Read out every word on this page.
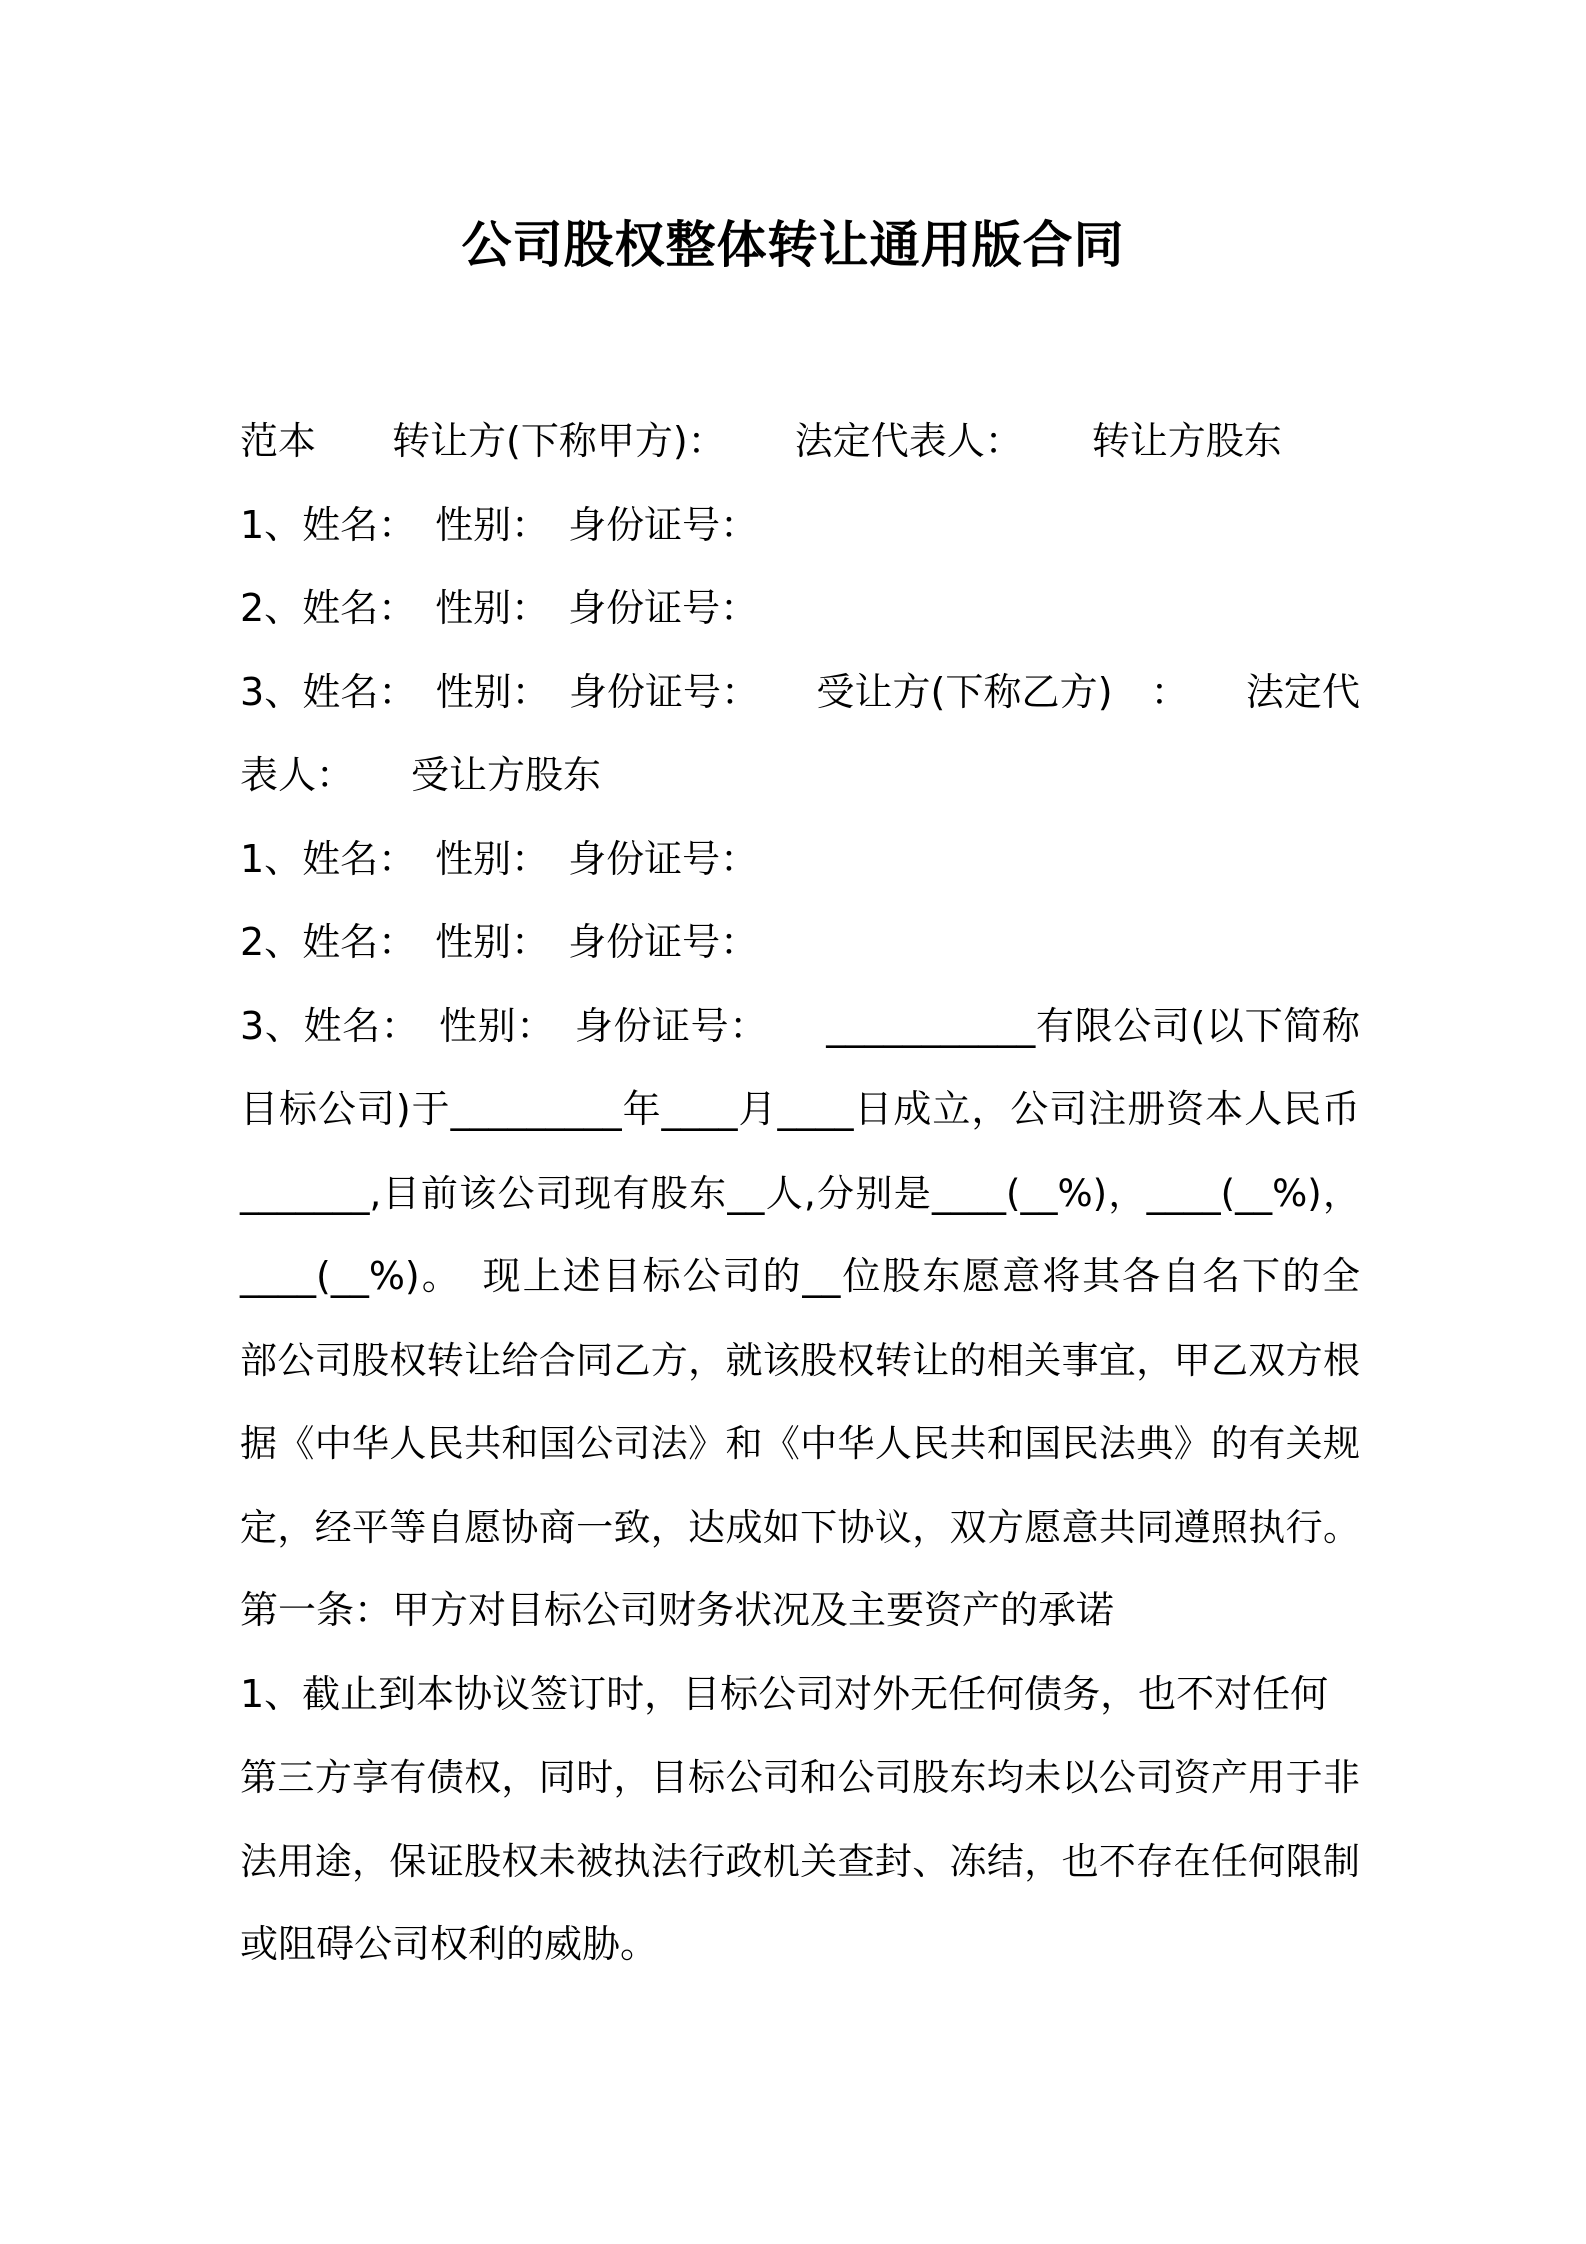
公司股权整体转让通用版合同
范本　　转让方(下称甲方)：　　 法定代表人：　　 转让方股东
1、姓名：　性别：　身份证号：
2、姓名：　性别：　身份证号：
3、姓名：　性别：　身份证号：　　受让方(下称乙方)　：　　法定代
表人：　　受让方股东
1、姓名：　性别：　身份证号：
2、姓名：　性别：　身份证号：
3、姓名：　性别：　身份证号：　　___________有限公司(以下简称
目标公司)于_________年____月____日成立，公司注册资本人民币
_______,目前该公司现有股东__人,分别是____(__%)，____(__%)，
____(__%)。　现上述目标公司的__位股东愿意将其各自名下的全
部公司股权转让给合同乙方，就该股权转让的相关事宜，甲乙双方根
据《中华人民共和国公司法》和《中华人民共和国民法典》的有关规
定，经平等自愿协商一致，达成如下协议，双方愿意共同遵照执行。
第一条：甲方对目标公司财务状况及主要资产的承诺
1、截止到本协议签订时，目标公司对外无任何债务，也不对任何
第三方享有债权，同时，目标公司和公司股东均未以公司资产用于非
法用途，保证股权未被执法行政机关查封、冻结，也不存在任何限制
或阻碍公司权利的威胁。
